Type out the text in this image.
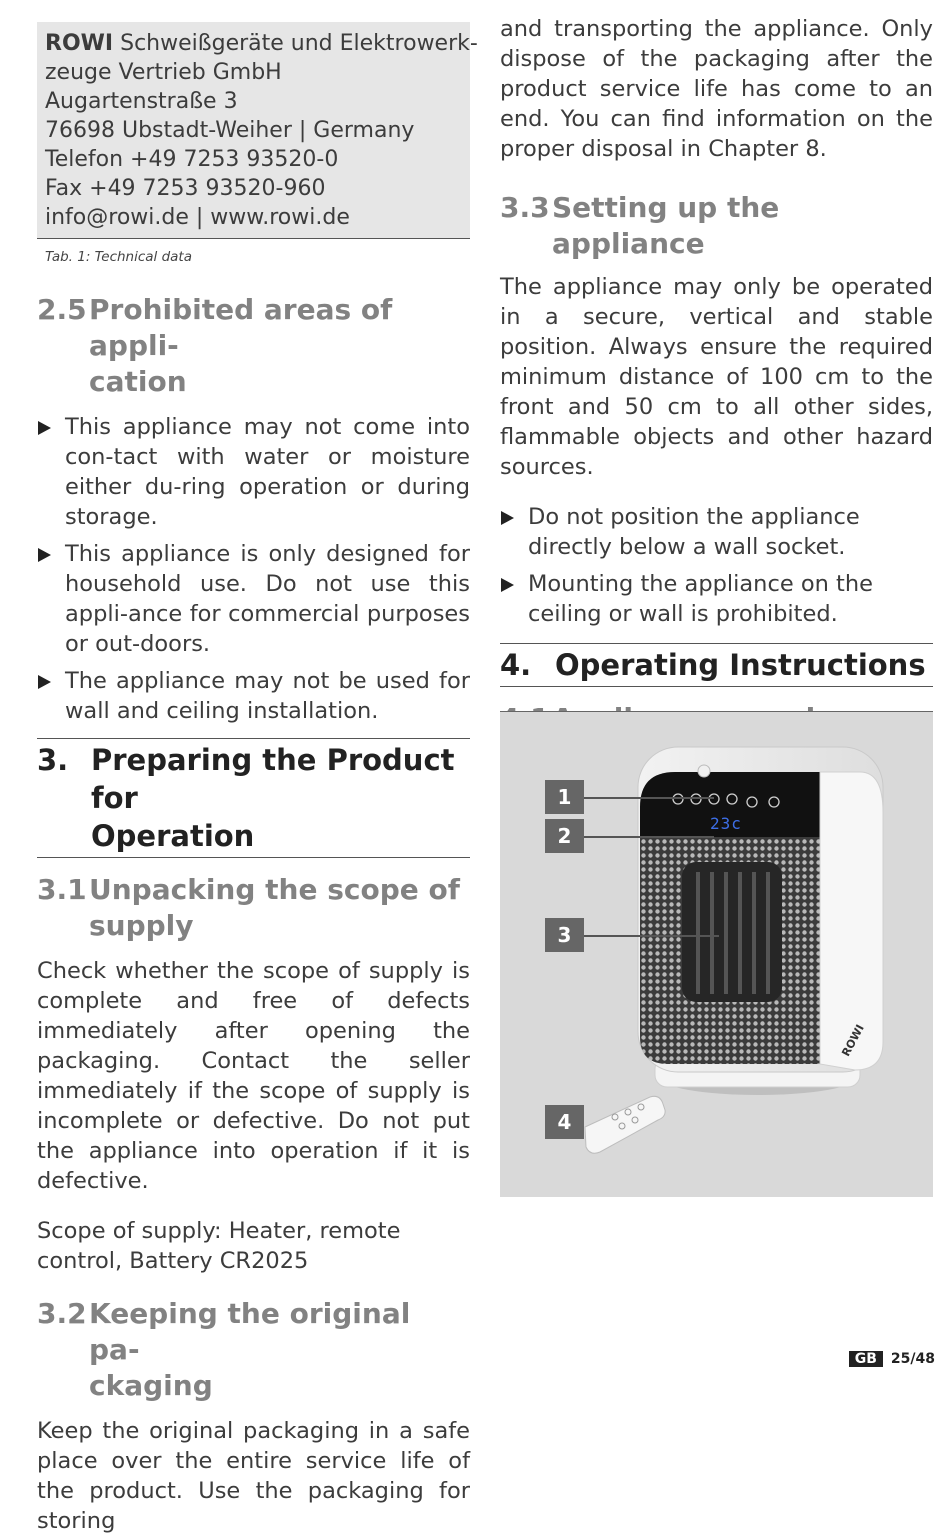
ROWI Schweißgeräte und Elektrowerk-
zeuge Vertrieb GmbH
Augartenstraße 3
76698 Ubstadt-Weiher | Germany
Telefon +49 7253 93520-0
Fax +49 7253 93520-960
info@rowi.de | www.rowi.de
Tab. 1: Technical data
2.5 Prohibited areas of appli-
cation
This appliance may not come into con-tact with water or moisture either du-ring operation or during storage.
This appliance is only designed for household use. Do not use this appli-ance for commercial purposes or out-doors.
The appliance may not be used for wall and ceiling installation.
3. Preparing the Product for
Operation
3.1 Unpacking the scope of
supply

Check whether the scope of supply is complete and free of defects immediately after opening the packaging. Contact the seller immediately if the scope of supply is incomplete or defective. Do not put the appliance into operation if it is defective.

Scope of supply: Heater, remote control, Battery CR2025

3.2 Keeping the original pa-
ckaging

Keep the original packaging in a safe place over the entire service life of the product. Use the packaging for storing

and transporting the appliance. Only dispose of the packaging after the product service life has come to an end. You can find information on the proper disposal in Chapter 8.

3.3 Setting up the appliance

The appliance may only be operated in a secure, vertical and stable position. Always ensure the required minimum distance of 100 cm to the front and 50 cm to all other sides, flammable objects and other hazard sources.

Do not position the appliance directly below a wall socket.
Mounting the appliance on the ceiling or wall is prohibited.
4. Operating Instructions
23c
ROWI
1
2
3
4
GB 25/48
